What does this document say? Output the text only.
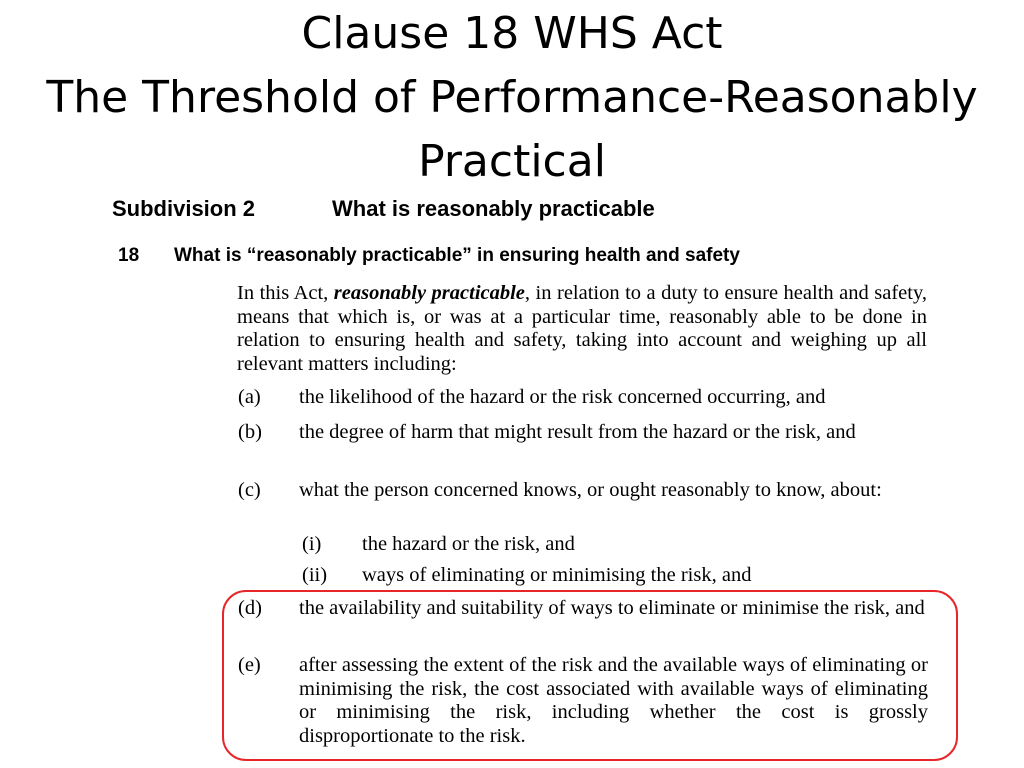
Clause 18 WHS Act
The Threshold of Performance-Reasonably
Practical
Subdivision 2	What is reasonably practicable
18 What is “reasonably practicable” in ensuring health and safety

In this Act, reasonably practicable, in relation to a duty to ensure health and safety, means that which is, or was at a particular time, reasonably able to be done in relation to ensuring health and safety, taking into account and weighing up all relevant matters including:

(a) the likelihood of the hazard or the risk concerned occurring, and
(b) the degree of harm that might result from the hazard or the risk, and
(c) what the person concerned knows, or ought reasonably to know, about:
(i) the hazard or the risk, and
(ii) ways of eliminating or minimising the risk, and
(d) the availability and suitability of ways to eliminate or minimise the risk, and
(e) after assessing the extent of the risk and the available ways of eliminating or minimising the risk, the cost associated with available ways of eliminating or minimising the risk, including whether the cost is grossly disproportionate to the risk.
